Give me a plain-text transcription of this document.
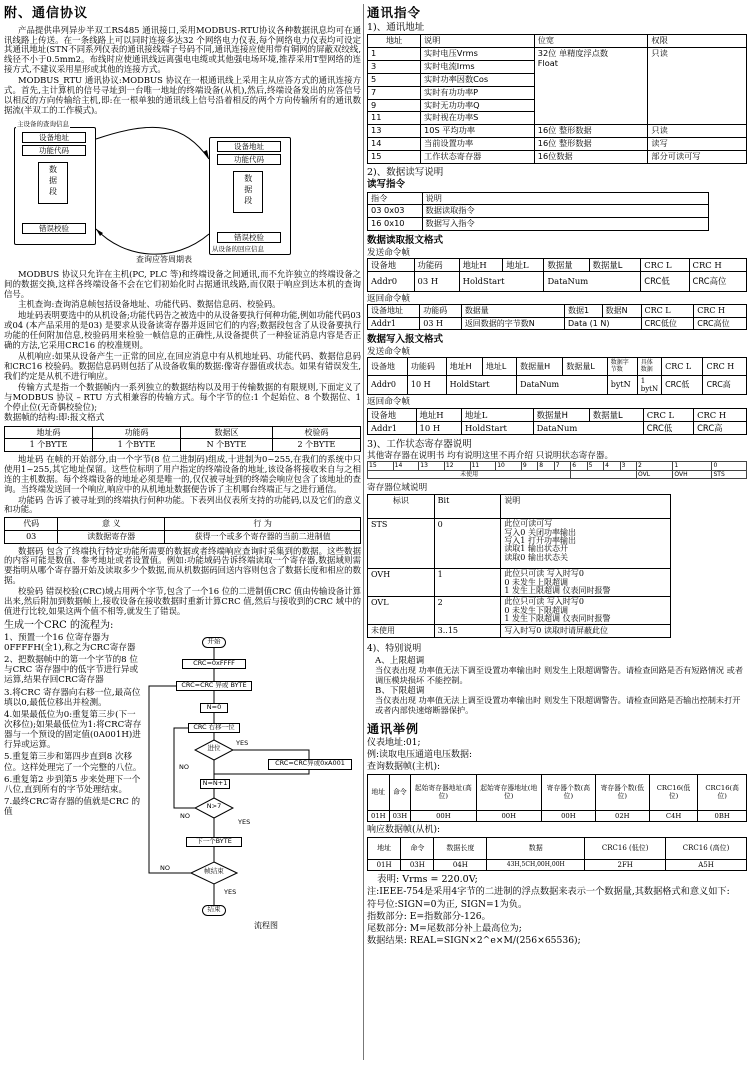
附、通信协议

产品提供串列异步半双工RS485 通讯接口,采用MODBUS-RTU协议各种数据讯息均可在通讯线路上传送。在一条线路上可以同时连接多达32 个网络电力仪表,每个网络电力仪表均可设定其通讯地址(STN不同系列仪表的通讯接线端子号码不同,通讯连接应使用带有铜网的屏蔽双绞线,线径不小于0.5mm2。布线时应使通讯线远离强电电缆或其他强电场环境,推荐采用T型网络的连接方式,不建议采用星形或其他的连接方式。

MODBUS_RTU 通讯协议:MODBUS 协议在一根通讯线上采用主从应答方式的通讯连接方式。首先,主计算机的信号寻址到一台唯一地址的终端设备(从机),然后,终端设备发出的应答信号以相反的方向传输给主机,即:在一根单独的通讯线上信号沿着相反的两个方向传输所有的通讯数据流(半双工的工作模式)。

主设备的查询信息
设备地址
功能代码
数据段
错误校验
设备地址
功能代码
数据段
错误校验
从设备的回应信息
查询应答周期表

MODBUS 协议只允许在主机(PC, PLC 等)和终端设备之间通讯,而不允许独立的终端设备之间的数据交换,这样各终端设备不会在它们初始化时占据通讯线路,而仅限于响应到达本机的查询信号。

主机查询:查询消息帧包括设备地址、功能代码、数据信息码、校验码。

地址码表明要选中的从机设备;功能代码告之被选中的从设备要执行何种功能,例如功能代码03或04 (本产品采用的是03) 是要求从设备读寄存器并返回它们的内容;数据段包含了从设备要执行功能的任何附加信息,校验码用来检验一帧信息的正确性,从设备提供了一种验证消息内容是否正确的方法,它采用CRC16 的校准规则。

从机响应:如果从设备产生一正常的回应,在回应消息中有从机地址码、功能代码、数据信息码和CRC16 校验码。数据信息码则包括了从设备收集的数据:像寄存器值或状态。如果有错误发生,我们约定是从机不进行响应。

传输方式是指一个数据帧内一系列独立的数据结构以及用于传输数据的有限规则,下面定义了与MODBUS 协议 – RTU 方式相兼容的传输方式。每个字节的位:1 个起始位、8 个数据位、1个停止位(无奇偶校验位);

数据帧的结构:即:报文格式
地址码	功能码	数据区	校验码
1 个BYTE	1 个BYTE	N 个BYTE	2 个BYTE

地址码 在帧的开始部分,由一个字节(8 位二进制码)组成,十进制为0~255,在我们的系统中只使用1~255,其它地址保留。这些位标明了用户指定的终端设备的地址,该设备将接收来自与之相连的主机数据。每个终端设备的地址必须是唯一的,仅仅被寻址到的终端会响应包含了该地址的查询。当终端发送回一个响应,响应中的从机地址数据便告诉了主机哪台终端正与之进行通信。

功能码 告诉了被寻址到的终端执行何种功能。下表列出仪表所支持的功能码,以及它们的意义和功能。

代码	意 义	行 为
03	读数据寄存器	获得一个或多个寄存器的当前二进制值

数据码 包含了终端执行特定功能所需要的数据或者终端响应查询时采集到的数据。这些数据的内容可能是数值、参考地址或者设置值。例如:功能域码告诉终端读取一个寄存器,数据域则需要指明从哪个寄存器开始及读取多少个数据,而从机数据码回送内容则包含了数据长度和相应的数据。

校验码 错误校验(CRC)域占用两个字节,包含了一个16 位的二进制值CRC 值由传输设备计算出来,然后附加到数据帧上,接收设备在接收数据时重新计算CRC 值,然后与接收到的CRC 域中的值进行比较,如果这两个值不相等,就发生了错误。

生成一个CRC 的流程为:
1、预置一个16 位寄存器为0FFFFH(全1),称之为CRC寄存器
2、把数据帧中的第一个字节的8 位与CRC 寄存器中的低字节进行异或运算,结果存回CRC寄存器
3.将CRC 寄存器向右移一位,最高位填以0,最低位移出并检测。
4.如果最低位为0:重复第三步(下一次移位);如果最低位为1:将CRC寄存器与一个预设的固定值(0A001H)进行异或运算。
5.重复第三步和第四步直到8 次移位。这样处理完了一个完整的八位。
6.重复第2 步到第5 步来处理下一个八位,直到所有的字节处理结束。
7.最终CRC寄存器的值就是CRC 的值
开始
CRC=0xFFFF
CRC=CRC 异或 BYTE
N=0
CRC 右移一位
进位
YES
NO	CRC=CRC异或0xA001
N=N+1
N>7
NO
YES
下一个BYTE
帧结束
NO
YES
结束
流程图
通讯指令
1)、通讯地址
地址	说明	位宽	权限
1	实时电压Vrms	32位 单精度浮点数
Float	只读
3	实时电流Irms		
5	实时功率因数Cos		
7	实时有功功率P		
9	实时无功功率Q		
11	实时视在功率S		
13	10S 平均功率	16位 整形数据	只读
14	当前设置功率	16位 整形数据	读写
15	工作状态寄存器	16位数据	部分可读可写
2)、数据读写说明
读写指令
指令	说明
03 0x03	数据读取指令
16 0x10	数据写入指令
数据读取报文格式
发送命令帧
设备地	功能码	地址H	地址L	数据量	数据量L	CRC L	CRC H
Addr0	03 H	HoldStart		DataNum		CRC低	CRC高位
返回命令帧
设备地址	功能码	数据量	数据1	数据N	CRC L	CRC H
Addr1	03 H	返回数据的字节数N	Data (1 N)		CRC低位	CRC高位
数据写入报文格式
发送命令帧
设备地	功能码	地址H	地址L	数据量H	数据量L	数据字节数	具体数据	CRC L	CRC H
Addr0	10 H	HoldStart		DataNum		bytN	1 bytN	CRC低	CRC高
返回命令帧
设备地	地址H	地址L	数据量H	数据量L	CRC L	CRC H
Addr1	10 H	HoldStart	DataNum		CRC低	CRC高
3)、工作状态寄存器说明
其他寄存器在说明书 均有说明这里不再介绍 只说明状态寄存器。
15	14	13	12	11	10	9	8	7	6	5	4	3	2	1	0
未使用													OVL	OVH	STS
寄存器位域说明
标识	Bit	说明
STS	0	此位可读可写
写入0 关闭功率输出
写入1 打开功率输出
读取1 输出状态开
读取0 输出状态关
OVH	1	此位只可读 写入时写0
0 未发生上限超调
1 发生上限超调 仪表同时报警
OVL	2	此位只可读 写入时写0
0 未发生下限超调
1 发生下限超调 仪表同时报警
未使用	3..15	写入时写0 读取时请屏蔽此位
4)、特别说明
A、上限超调
当仪表出现 功率值无法下调至设置功率输出时 则发生上限超调警告。请检查回路是否有短路情况 或者调压模块损坏 不能控制。
B、下限超调
当仪表出现 功率值无法上调至设置功率输出时 则发生下限超调警告。请检查回路是否输出控制未打开 或者内部快速熔断器保护。
通讯举例
仪表地址:01;
例:读取电压通道电压数据:
查询数据帧(主机):
地址	命令	起始寄存器地址(高位)	起始寄存器地址(地位)	寄存器个数(高位)	寄存器个数(低位)	CRC16(低位)	CRC16(高位)
01H	03H	00H	00H	00H	02H	C4H	0BH
响应数据帧(从机):
地址	命令	数据长度	数据	CRC16 (低位)	CRC16 (高位)
01H	03H	04H	43H,5CH,00H,00H	2FH	A5H
表明: Vrms = 220.0V;
注:IEEE-754是采用4字节的二进制的浮点数据来表示一个数据量,其数据格式和意义如下:
符号位:SIGN=0为正, SIGN=1为负。
指数部分: E=指数部分-126。
尾数部分: M=尾数部分补上最高位为;
数据结果: REAL=SIGN×2^e×M/(256×65536);
